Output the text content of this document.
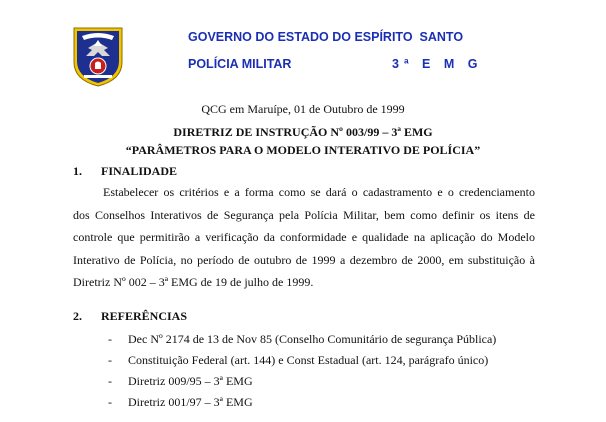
GOVERNO DO ESTADO DO ESPÍRITO  SANTO
POLÍCIA MILITAR	3ª E M G
QCG em Maruípe, 01 de Outubro de 1999
DIRETRIZ DE INSTRUÇÃO Nº 003/99 – 3ª EMG
“PARÂMETROS PARA O MODELO INTERATIVO DE POLÍCIA”
1. FINALIDADE
Estabelecer os critérios e a forma como se dará o cadastramento e o credenciamento
dos Conselhos Interativos de Segurança pela Polícia Militar, bem como definir os itens de
controle que permitirão a verificação da conformidade e qualidade na aplicação do Modelo
Interativo de Polícia, no período de outubro de 1999 a dezembro de 2000, em substituição à
Diretriz Nº 002 – 3ª EMG de 19 de julho de 1999.
2. REFERÊNCIAS
- Dec Nº 2174 de 13 de Nov 85 (Conselho Comunitário de segurança Pública)
- Constituição Federal (art. 144) e Const Estadual (art. 124, parágrafo único)
- Diretriz 009/95 – 3ª EMG
- Diretriz 001/97 – 3ª EMG
